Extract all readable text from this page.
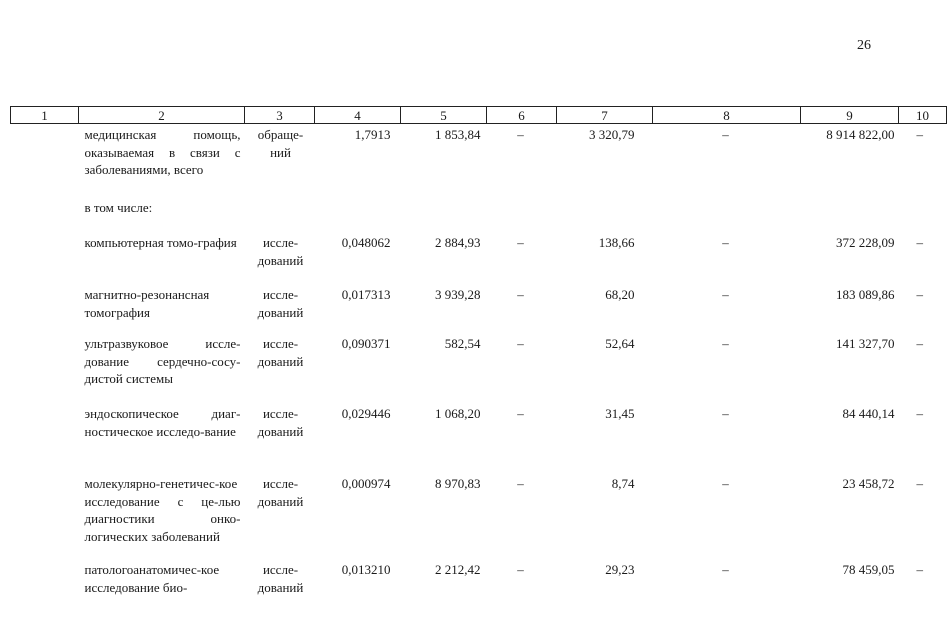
26
1	2	3	4	5	6	7	8	9	10
	медицинская помощь, оказываемая в связи с заболеваниями, всего	обраще-ний	1,7913	1 853,84	–	3 320,79	–	8 914 822,00	–
	в том числе:								
	компьютерная томо-графия	иссле-дований	0,048062	2 884,93	–	138,66	–	372 228,09	–
	магнитно-резонансная томография	иссле-дований	0,017313	3 939,28	–	68,20	–	183 089,86	–
	ультразвуковое иссле-дование сердечно-сосу-дистой системы	иссле-дований	0,090371	582,54	–	52,64	–	141 327,70	–
	эндоскопическое диаг-ностическое исследо-вание	иссле-дований	0,029446	1 068,20	–	31,45	–	84 440,14	–
	молекулярно-генетичес-кое исследование с це-лью диагностики онко-логических заболеваний	иссле-дований	0,000974	8 970,83	–	8,74	–	23 458,72	–
	патологоанатомичес-кое исследование био-	иссле-дований	0,013210	2 212,42	–	29,23	–	78 459,05	–
